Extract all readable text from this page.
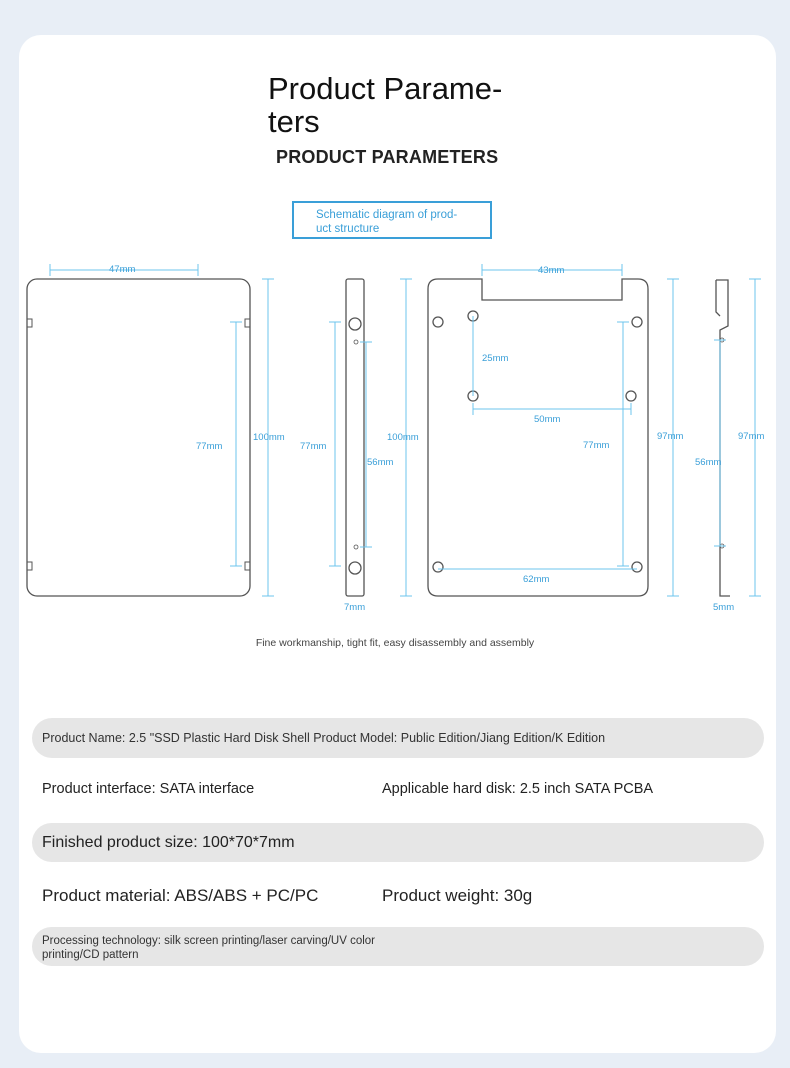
Product Parame-
ters
PRODUCT PARAMETERS
Schematic diagram of prod-
uct structure
47mm
77mm
100mm
77mm
100mm
56mm
7mm
43mm
25mm
50mm
77mm
97mm
62mm
56mm
97mm
5mm
Fine workmanship, tight fit, easy disassembly and assembly
Product Name: 2.5 "SSD Plastic Hard Disk Shell Product Model: Public Edition/Jiang Edition/K Edition
Product interface: SATA interface	Applicable hard disk: 2.5 inch SATA PCBA
Finished product size: 100*70*7mm
Product material: ABS/ABS + PC/PC	Product weight: 30g
Processing technology: silk screen printing/laser carving/UV color printing/CD pattern
